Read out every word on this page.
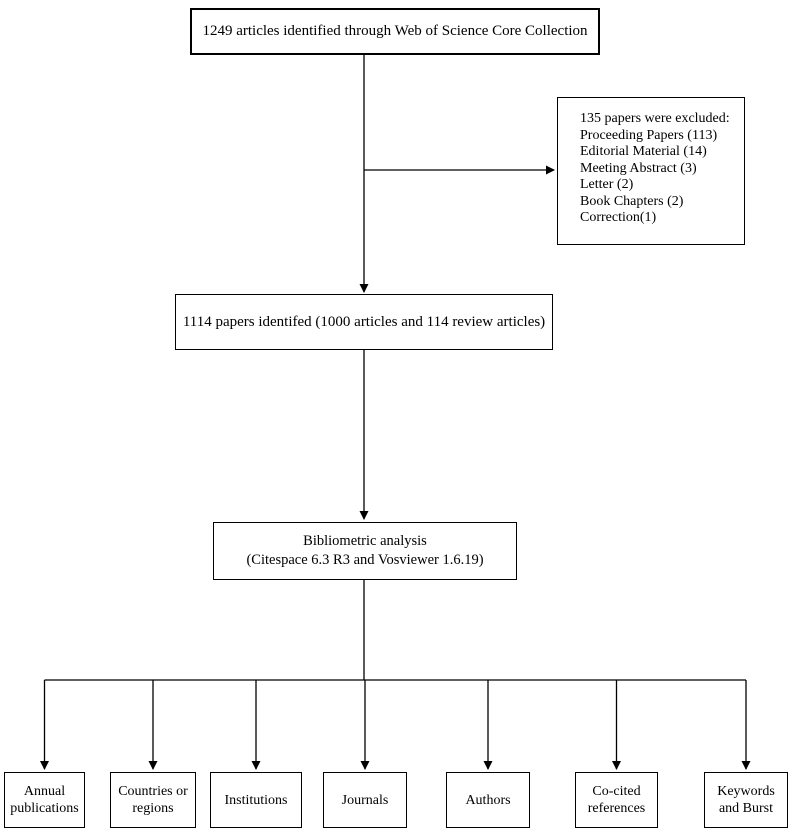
1249 articles identified through Web of Science Core Collection
135 papers were excluded:
Proceeding Papers (113)
Editorial Material (14)
Meeting Abstract (3)
Letter (2)
Book Chapters (2)
Correction(1)
1114 papers identifed (1000 articles and 114 review articles)
Bibliometric analysis
(Citespace 6.3 R3 and Vosviewer 1.6.19)
Annual publications
Countries or regions
Institutions	Journals	Authors
Co-cited references
Keywords and Burst
